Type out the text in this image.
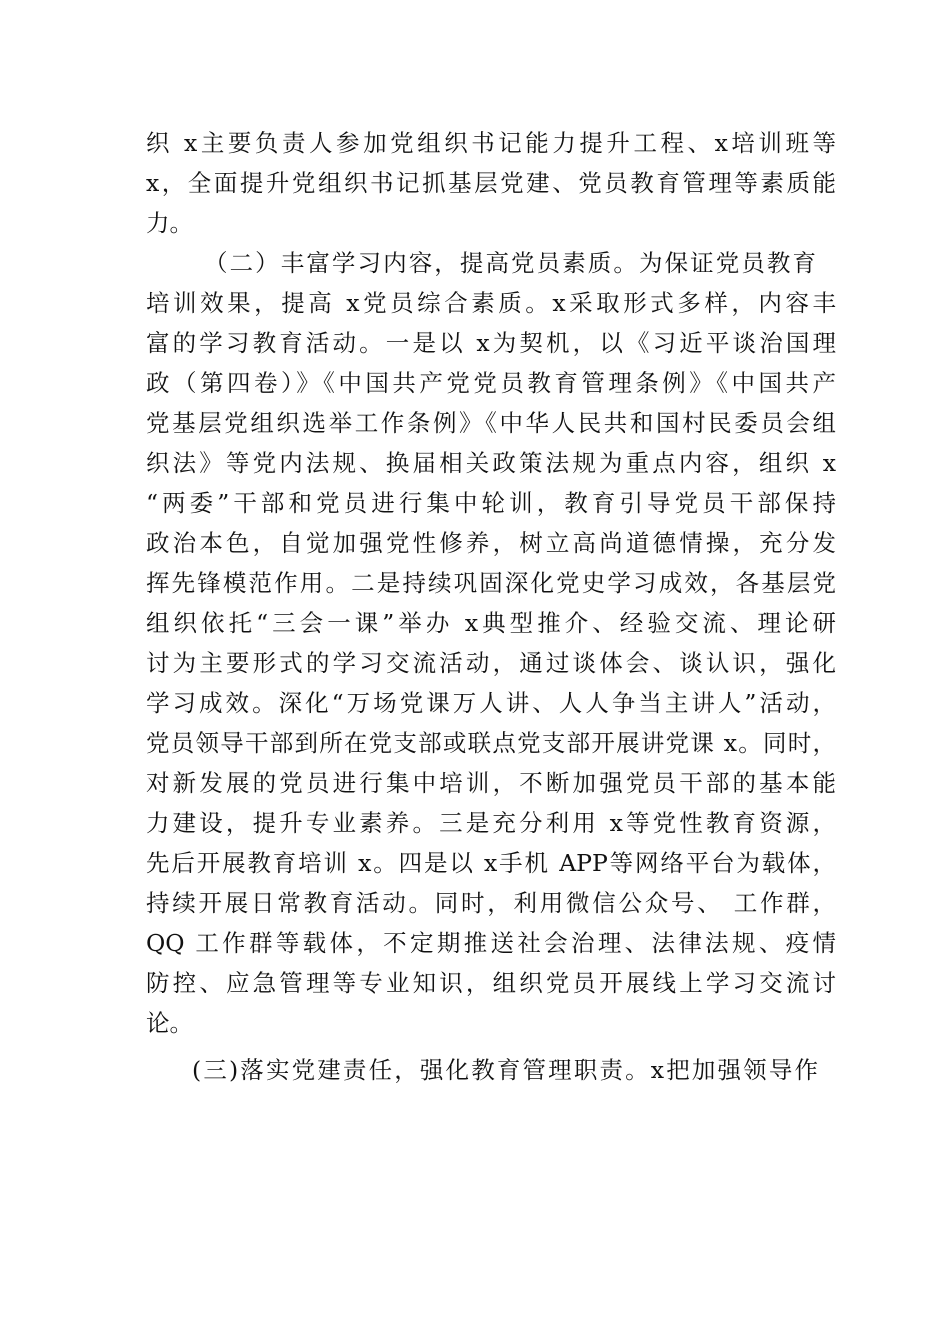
织 x主要负责人参加党组织书记能力提升工程、x培训班等
x，全面提升党组织书记抓基层党建、党员教育管理等素质能
力。
（二）丰富学习内容，提高党员素质。为保证党员教育
培训效果，提高 x党员综合素质。x采取形式多样，内容丰
富的学习教育活动。一是以 x为契机，以《习近平谈治国理
政（第四卷）》《中国共产党党员教育管理条例》《中国共产
党基层党组织选举工作条例》《中华人民共和国村民委员会组
织法》等党内法规、换届相关政策法规为重点内容，组织 x
“两委”干部和党员进行集中轮训，教育引导党员干部保持
政治本色，自觉加强党性修养，树立高尚道德情操，充分发
挥先锋模范作用。二是持续巩固深化党史学习成效，各基层党
组织依托“三会一课”举办 x典型推介、经验交流、理论研
讨为主要形式的学习交流活动，通过谈体会、谈认识，强化
学习成效。深化“万场党课万人讲、人人争当主讲人”活动，
党员领导干部到所在党支部或联点党支部开展讲党课 x。同时，
对新发展的党员进行集中培训，不断加强党员干部的基本能
力建设，提升专业素养。三是充分利用 x等党性教育资源，
先后开展教育培训 x。四是以 x手机 APP等网络平台为载体，
持续开展日常教育活动。同时，利用微信公众号、 工作群，
QQ 工作群等载体，不定期推送社会治理、法律法规、疫情
防控、应急管理等专业知识，组织党员开展线上学习交流讨
论。
(三)落实党建责任，强化教育管理职责。x把加强领导作
